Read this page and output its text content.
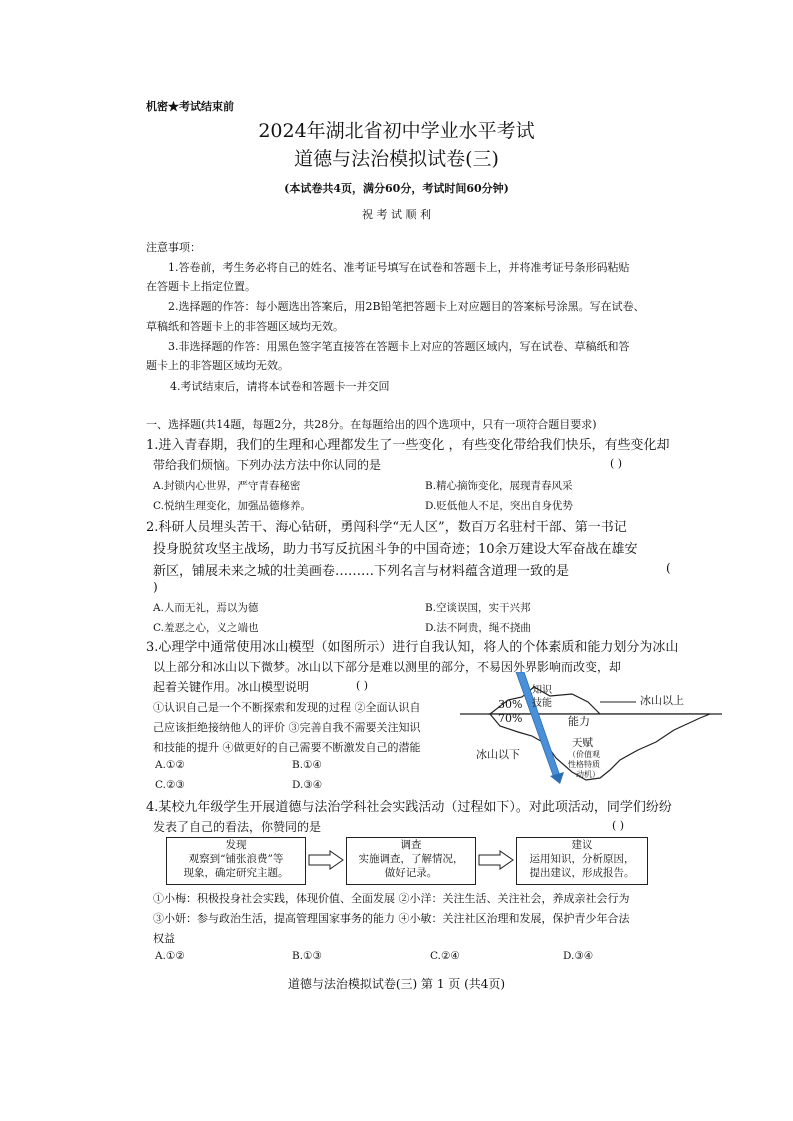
机密★考试结束前
2024年湖北省初中学业水平考试
道德与法治模拟试卷(三)
(本试卷共4页，满分60分，考试时间60分钟)
祝 考 试 顺 利
注意事项：
1.答卷前，考生务必将自己的姓名、准考证号填写在试卷和答题卡上，并将准考证号条形码粘贴
在答题卡上指定位置。
2.选择题的作答：每小题选出答案后，用2B铅笔把答题卡上对应题目的答案标号涂黑。写在试卷、
草稿纸和答题卡上的非答题区域均无效。
3.非选择题的作答：用黑色签字笔直接答在答题卡上对应的答题区域内，写在试卷、草稿纸和答
题卡上的非答题区域均无效。
4.考试结束后，请将本试卷和答题卡一并交回
一、选择题(共14题，每题2分，共28分。在每题给出的四个选项中，只有一项符合题目要求)
1.进入青春期，我们的生理和心理都发生了一些变化 ，有些变化带给我们快乐，有些变化却
带给我们烦恼。下列办法方法中你认同的是	( )
A.封锁内心世界，严守青春秘密	B.精心摘饰变化，展现青春风采
C.悦纳生理变化，加强品德修养。	D.贬低他人不足，突出自身优势
2.科研人员埋头苦干、海心钻研，勇闯科学“无人区”，数百万名驻村干部、第一书记
投身脱贫攻坚主战场，助力书写反抗困斗争的中国奇迹；10余万建设大军奋战在雄安
新区，铺展未来之城的壮美画卷………下列名言与材料蕴含道理一致的是	(
)
A.人而无礼，焉以为德	B.空谈误国，实干兴邦
C.羞恶之心，义之端也	D.法不阿贵，绳不挠曲
3.心理学中通常使用冰山模型（如图所示）进行自我认知，将人的个体素质和能力划分为冰山
以上部分和冰山以下微梦。冰山以下部分是难以测里的部分，不易因外界影响而改变，却
起着关键作用。冰山模型说明	( )
①认识自己是一个不断探索和发现的过程 ②全面认识自
己应该拒绝接纳他人的评价 ③完善自我不需要关注知识
和技能的提升 ④做更好的自己需要不断激发自己的潜能
A.①②	B.①④
C.②③	D.③④
知识
技能
30%
70%	能力
冰山以上
冰山以下
天赋
（价值观
性格特质
动机）
4.某校九年级学生开展道德与法治学科社会实践活动（过程如下）。对此项活动，同学们纷纷
发表了自己的看法，你赞同的是	( )
发现
观察到“铺张浪费”等
现象，确定研究主题。
调查
实施调查，了解情况，
做好记录。
建议
运用知识，分析原因，
提出建议，形成报告。
①小梅：积极投身社会实践，体现价值、全面发展 ②小洋：关注生活、关注社会，养成亲社会行为
③小妍：参与政治生活，提高管理国家事务的能力 ④小敏：关注社区治理和发展，保护青少年合法
权益
A.①②	B.①③	C.②④	D.③④
道德与法治模拟试卷(三) 第 1 页 (共4页)
